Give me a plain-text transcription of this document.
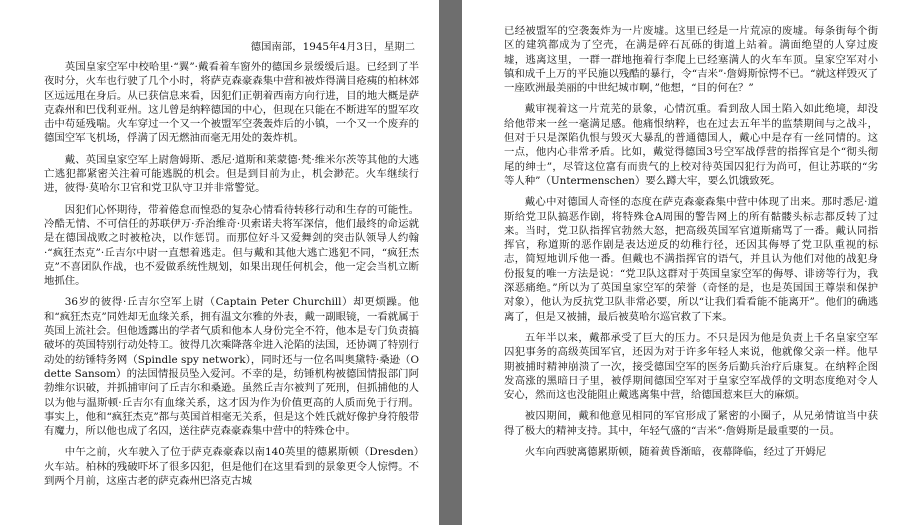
德国南部，1945年4月3日，星期二

英国皇家空军中校哈里·“翼”·戴看着车窗外的德国乡景缓缓后退。已经到了半夜时分，火车也行驶了几个小时，将萨克森豪森集中营和被炸得满目疮痍的柏林郊区远远甩在身后。从已获信息来看，因犯们正朝着西南方向行进，目的地大概是萨克森州和巴伐利亚州。这儿曾是纳粹德国的中心，但现在只能在不断进军的盟军攻击中苟延残喘。火车穿过一个又一个被盟军空袭轰炸后的小镇，一个又一个废弃的德国空军飞机场，俘满了因无燃油而毫无用处的轰炸机。

戴、英国皇家空军上尉詹姆斯、悉尼·道斯和莱蒙德·梵·维米尔茨等其他的大逃亡逃犯都紧密关注着可能逃脱的机会。但是到目前为止，机会渺茫。火车继续行进，彼得·莫哈尔卫官和党卫队守卫并非常警觉。

因犯们心怀期待，带着倦怠而惶恐的复杂心情看待转移行动和生存的可能性。冷酷无情、不可信任的苏联伊万·乔治维奇·贝索诺夫将军深信，他们最终的命运就是在德国战败之时被枪决，以作惩罚。而那位好斗又爱舞剑的突击队领导人约翰·“疯狂杰克”·丘吉尔中尉一直想着逃走。但与戴和其他大逃亡逃犯不同，“疯狂杰克”不喜团队作战，也不爱做系统性规划，如果出现任何机会，他一定会当机立断地抓住。

36岁的彼得·丘吉尔空军上尉（Captain Peter Churchill）却更烦躁。他和“疯狂杰克”同姓却无血缘关系，拥有温文尔雅的外表，戴一副眼镜，一看就属于英国上流社会。但他透露出的学者气质和他本人身份完全不符，他本是专门负责搞破坏的英国特别行动处特工。彼得几次乘降落伞进入沦陷的法国，还协调了特别行动处的纺锤特务网（Spindle spy network），同时还与一位名叫奥黛特·桑逊（Odette Sansom）的法国情报员坠入爱河。不幸的是，纺锤机构被德国情报部门阿勃维尔识破，并抓捕审问了丘吉尔和桑逊。虽然丘吉尔被判了死刑，但抓捕他的人以为他与温斯顿·丘吉尔有血缘关系，这才因为作为价值更高的人质而免于行刑。事实上，他和“疯狂杰克”都与英国首相毫无关系，但是这个姓氏就好像护身符般带有魔力，所以他也成了名囚，送往萨克森豪森集中营中的特殊仓中。

中午之前，火车驶入了位于萨克森豪森以南140英里的德累斯顿（Dresden）火车站。柏林的残破吓坏了很多囚犯，但是他们在这里看到的景象更令人惊愕。不到两个月前，这座古老的萨克森州巴洛克古城

已经被盟军的空袭轰炸为一片废墟。这里已经是一片荒凉的废墟。每条街每个街区的建筑都成为了空壳，在满是碎石瓦砾的街道上站着。满面绝望的人穿过废墟，逃离这里，一群一群地拖着行李爬上已经塞满人的火车车顶。皇家空军对小镇和成千上万的平民施以残酷的暴行，令“吉米”·詹姆斯惊愕不已。“就这样毁灭了一座欧洲最美丽的中世纪城市啊，”他想，“目的何在？”

戴审视着这一片荒芜的景象，心情沉重。看到敌人国土陷入如此绝境，却没给他带来一丝一毫满足感。他痛恨纳粹，也在过去五年半的监禁期间与之战斗，但对于只是深陷仇恨与毁灭大暴乱的普通德国人，戴心中是存有一丝同情的。这一点，他内心非常矛盾。比如，戴觉得德国3号空军战俘营的指挥官是个“彻头彻尾的绅士”，尽管这位富有而贵气的上校对待英国囚犯行为尚可，但让苏联的“劣等人种”（Untermenschen）要么蹲大牢，要么饥饿致死。

戴心中对德国人奇怪的态度在萨克森豪森集中营中体现了出来。那时悉尼·道斯给党卫队搞恶作剧，将特殊仓A周围的警告网上的所有骷髅头标志都反转了过来。当时，党卫队指挥官勃然大怒，把高级英国军官道斯痛骂了一番。戴认同指挥官，称道斯的恶作剧是表达逆反的幼稚行径，还因其侮辱了党卫队重视的标志，简短地训斥他一番。但戴也不满指挥官的语气，并且认为他们对他的战犯身份报复的唯一方法是说：“党卫队这群对于英国皇家空军的侮辱、诽谤等行为，我深恶痛绝。”所以为了英国皇家空军的荣誉（奇怪的是，也是英国国王尊崇和保护对象），他认为反抗党卫队非常必要，所以“让我们看看能不能离开”。他们的确逃离了，但是又被捕，最后被莫哈尔巡官救了下来。

五年半以来，戴都承受了巨大的压力。不只是因为他是负责上千名皇家空军囚犯事务的高级英国军官，还因为对于许多年轻人来说，他就像父亲一样。他早期被捕时精神崩溃了一次，接受德国空军的医务后勤兵治疗后康复。在纳粹企图发高涨的黑暗日子里，被俘期间德国空军对于皇家空军战俘的文明态度绝对令人安心，然而这也没能阻止戴逃离集中营，给德国惹来巨大的麻烦。

被囚期间，戴和他意见相同的军官形成了紧密的小圈子，从兄弟情谊当中获得了极大的精神支持。其中，年轻气盛的“吉米”·詹姆斯是最重要的一员。

火车向西驶离德累斯顿，随着黄昏渐暗，夜幕降临，经过了开姆尼
